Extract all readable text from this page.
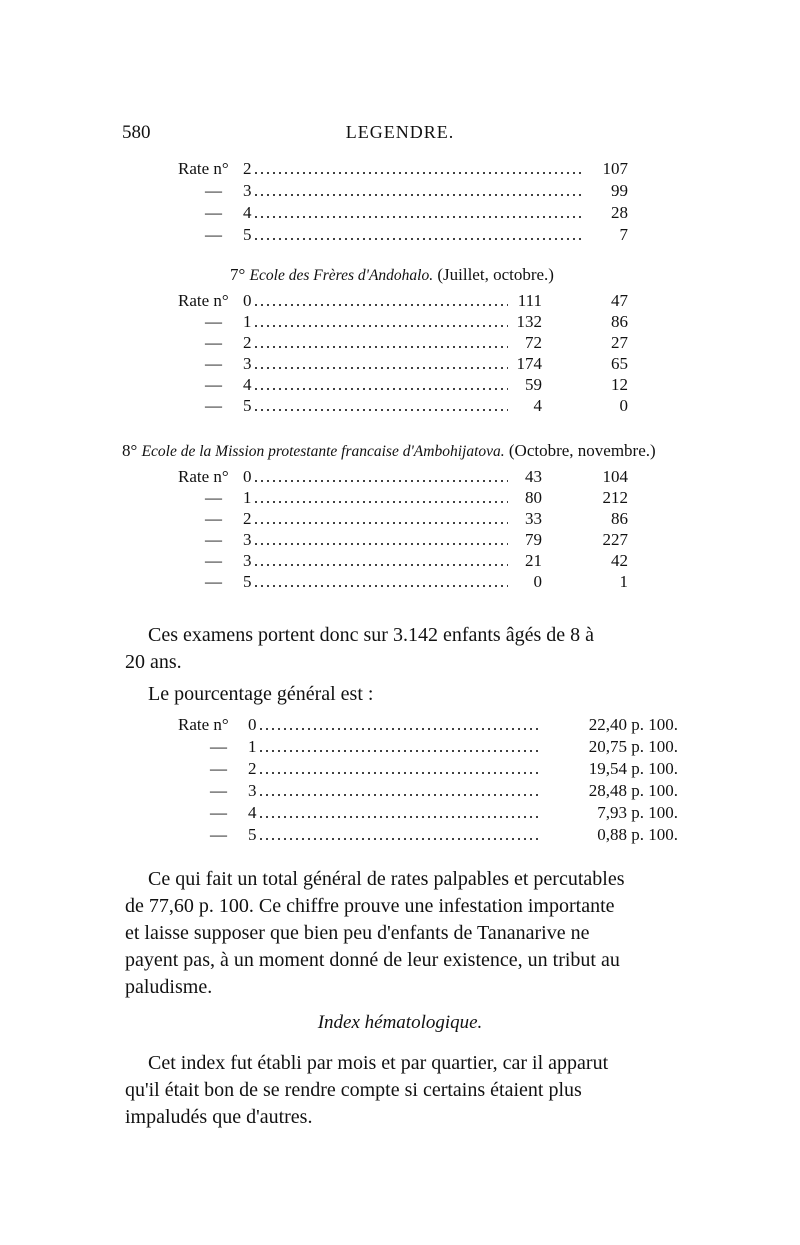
580	LEGENDRE.
Rate n° 2	107
— 3	99
— 4	28
— 5	7
7° Ecole des Frères d'Andohalo. (Juillet, octobre.)
Rate n° 0	111	47
— 1	132	86
— 2	72	27
— 3	174	65
— 4	59	12
— 5	4	0
8° Ecole de la Mission protestante francaise d'Ambohijatova. (Octobre, novembre.)
Rate n° 0	43	104
— 1	80	212
— 2	33	86
— 3	79	227
— 3	21	42
— 5	0	1

Ces examens portent donc sur 3.142 enfants âgés de 8 à

20 ans.

Le pourcentage général est :

Rate n° 0	22,40 p. 100.
— 1	20,75 p. 100.
— 2	19,54 p. 100.
— 3	28,48 p. 100.
— 4	7,93 p. 100.
— 5	0,88 p. 100.

Ce qui fait un total général de rates palpables et percutables

de 77,60 p. 100. Ce chiffre prouve une infestation importante

et laisse supposer que bien peu d'enfants de Tananarive ne

payent pas, à un moment donné de leur existence, un tribut au

paludisme.

Index hématologique.

Cet index fut établi par mois et par quartier, car il apparut

qu'il était bon de se rendre compte si certains étaient plus

impaludés que d'autres.
